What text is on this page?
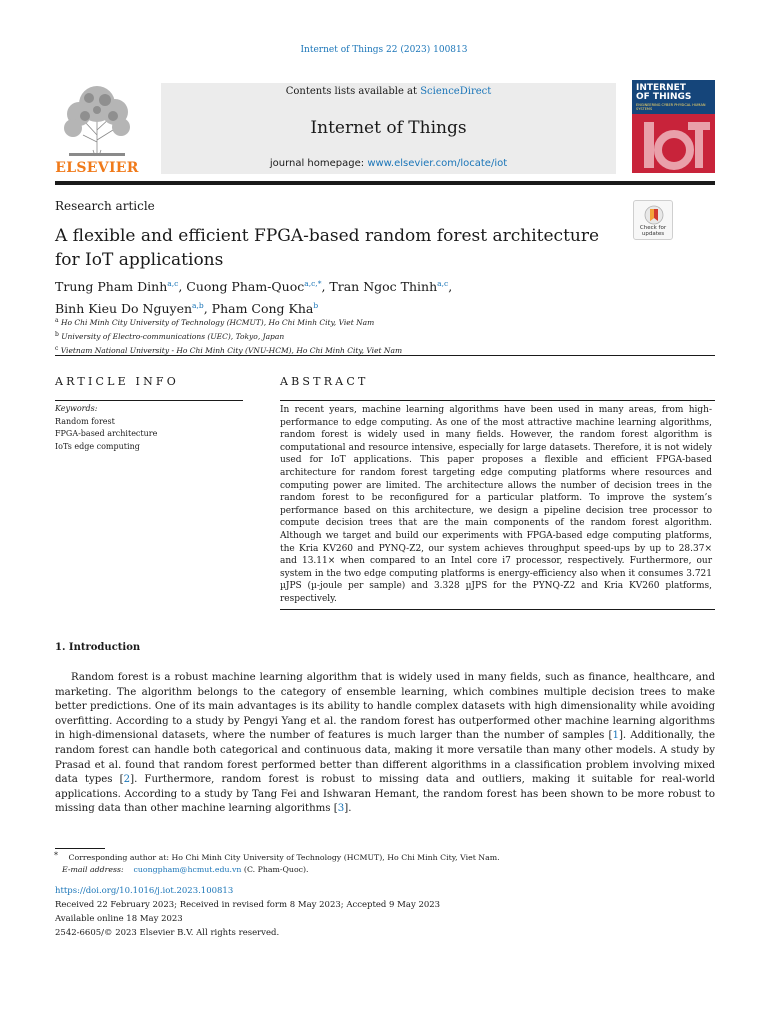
Internet of Things 22 (2023) 100813
ELSEVIER
Contents lists available at ScienceDirect
Internet of Things
journal homepage: www.elsevier.com/locate/iot
INTERNET
OF THINGS
ENGINEERING CYBER PHYSICAL HUMAN SYSTEMS
Research article
A flexible and efficient FPGA-based random forest architecture for IoT applications
Check for updates
Trung Pham Dinh$^{a,c}$, Cuong Pham-Quoc$^{a,c,*}$, Tran Ngoc Thinh$^{a,c}$,
Binh Kieu Do Nguyen$^{a,b}$, Pham Cong Kha$^b$
$^a$ Ho Chi Minh City University of Technology (HCMUT), Ho Chi Minh City, Viet Nam
$^b$ University of Electro-communications (UEC), Tokyo, Japan
$^c$ Vietnam National University - Ho Chi Minh City (VNU-HCM), Ho Chi Minh City, Viet Nam
ARTICLE INFO	ABSTRACT
Keywords:
Random forest
FPGA-based architecture
IoTs edge computing
In recent years, machine learning algorithms have been used in many areas, from high-performance to edge computing. As one of the most attractive machine learning algorithms, random forest is widely used in many fields. However, the random forest algorithm is computational and resource intensive, especially for large datasets. Therefore, it is not widely used for IoT applications. This paper proposes a flexible and efficient FPGA-based architecture for random forest targeting edge computing platforms where resources and computing power are limited. The architecture allows the number of decision trees in the random forest to be reconfigured for a particular platform. To improve the system’s performance based on this architecture, we design a pipeline decision tree processor to compute decision trees that are the main components of the random forest algorithm. Although we target and build our experiments with FPGA-based edge computing platforms, the Kria KV260 and PYNQ-Z2, our system achieves throughput speed-ups by up to 28.37× and 13.11× when compared to an Intel core i7 processor, respectively. Furthermore, our system in the two edge computing platforms is energy-efficiency also when it consumes 3.721 µJPS (µ-joule per sample) and 3.328 µJPS for the PYNQ-Z2 and Kria KV260 platforms, respectively.
1. Introduction
Random forest is a robust machine learning algorithm that is widely used in many fields, such as finance, healthcare, and marketing. The algorithm belongs to the category of ensemble learning, which combines multiple decision trees to make better predictions. One of its main advantages is its ability to handle complex datasets with high dimensionality while avoiding overfitting. According to a study by Pengyi Yang et al. the random forest has outperformed other machine learning algorithms in high-dimensional datasets, where the number of features is much larger than the number of samples [1]. Additionally, the random forest can handle both categorical and continuous data, making it more versatile than many other models. A study by Prasad et al. found that random forest performed better than different algorithms in a classification problem involving mixed data types [2]. Furthermore, random forest is robust to missing data and outliers, making it suitable for real-world applications. According to a study by Tang Fei and Ishwaran Hemant, the random forest has been shown to be more robust to missing data than other machine learning algorithms [3].
* Corresponding author at: Ho Chi Minh City University of Technology (HCMUT), Ho Chi Minh City, Viet Nam.
E-mail address: cuongpham@hcmut.edu.vn (C. Pham-Quoc).
https://doi.org/10.1016/j.iot.2023.100813
Received 22 February 2023; Received in revised form 8 May 2023; Accepted 9 May 2023
Available online 18 May 2023
2542-6605/© 2023 Elsevier B.V. All rights reserved.
